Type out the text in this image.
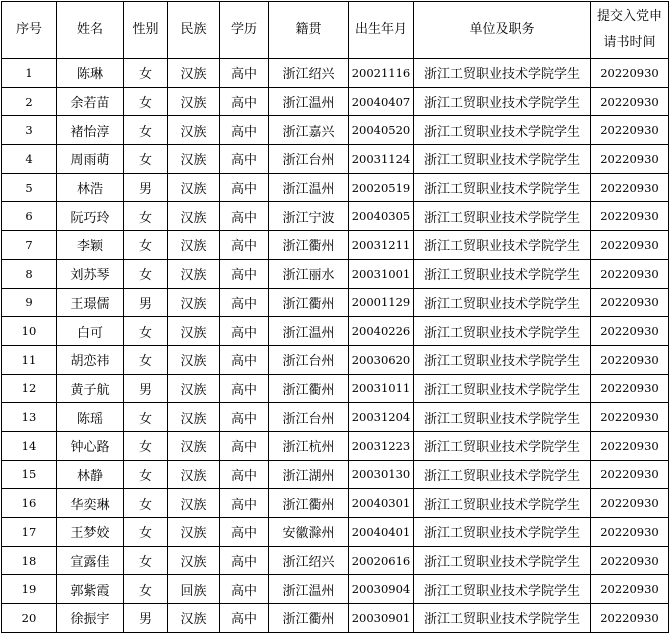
序号	姓名	性别	民族	学历	籍贯	出生年月	单位及职务	提交入党申请书时间
1	陈琳	女	汉族	高中	浙江绍兴	20021116	浙江工贸职业技术学院学生	20220930
2	余若苗	女	汉族	高中	浙江温州	20040407	浙江工贸职业技术学院学生	20220930
3	褚怡淳	女	汉族	高中	浙江嘉兴	20040520	浙江工贸职业技术学院学生	20220930
4	周雨萌	女	汉族	高中	浙江台州	20031124	浙江工贸职业技术学院学生	20220930
5	林浩	男	汉族	高中	浙江温州	20020519	浙江工贸职业技术学院学生	20220930
6	阮巧玲	女	汉族	高中	浙江宁波	20040305	浙江工贸职业技术学院学生	20220930
7	李颖	女	汉族	高中	浙江衢州	20031211	浙江工贸职业技术学院学生	20220930
8	刘苏琴	女	汉族	高中	浙江丽水	20031001	浙江工贸职业技术学院学生	20220930
9	王璟儒	男	汉族	高中	浙江衢州	20001129	浙江工贸职业技术学院学生	20220930
10	白可	女	汉族	高中	浙江温州	20040226	浙江工贸职业技术学院学生	20220930
11	胡恋祎	女	汉族	高中	浙江台州	20030620	浙江工贸职业技术学院学生	20220930
12	黄子航	男	汉族	高中	浙江衢州	20031011	浙江工贸职业技术学院学生	20220930
13	陈瑶	女	汉族	高中	浙江台州	20031204	浙江工贸职业技术学院学生	20220930
14	钟心路	女	汉族	高中	浙江杭州	20031223	浙江工贸职业技术学院学生	20220930
15	林静	女	汉族	高中	浙江湖州	20030130	浙江工贸职业技术学院学生	20220930
16	华奕琳	女	汉族	高中	浙江衢州	20040301	浙江工贸职业技术学院学生	20220930
17	王梦姣	女	汉族	高中	安徽滁州	20040401	浙江工贸职业技术学院学生	20220930
18	宣露佳	女	汉族	高中	浙江绍兴	20020616	浙江工贸职业技术学院学生	20220930
19	郭紫霞	女	回族	高中	浙江温州	20030904	浙江工贸职业技术学院学生	20220930
20	徐振宇	男	汉族	高中	浙江衢州	20030901	浙江工贸职业技术学院学生	20220930
